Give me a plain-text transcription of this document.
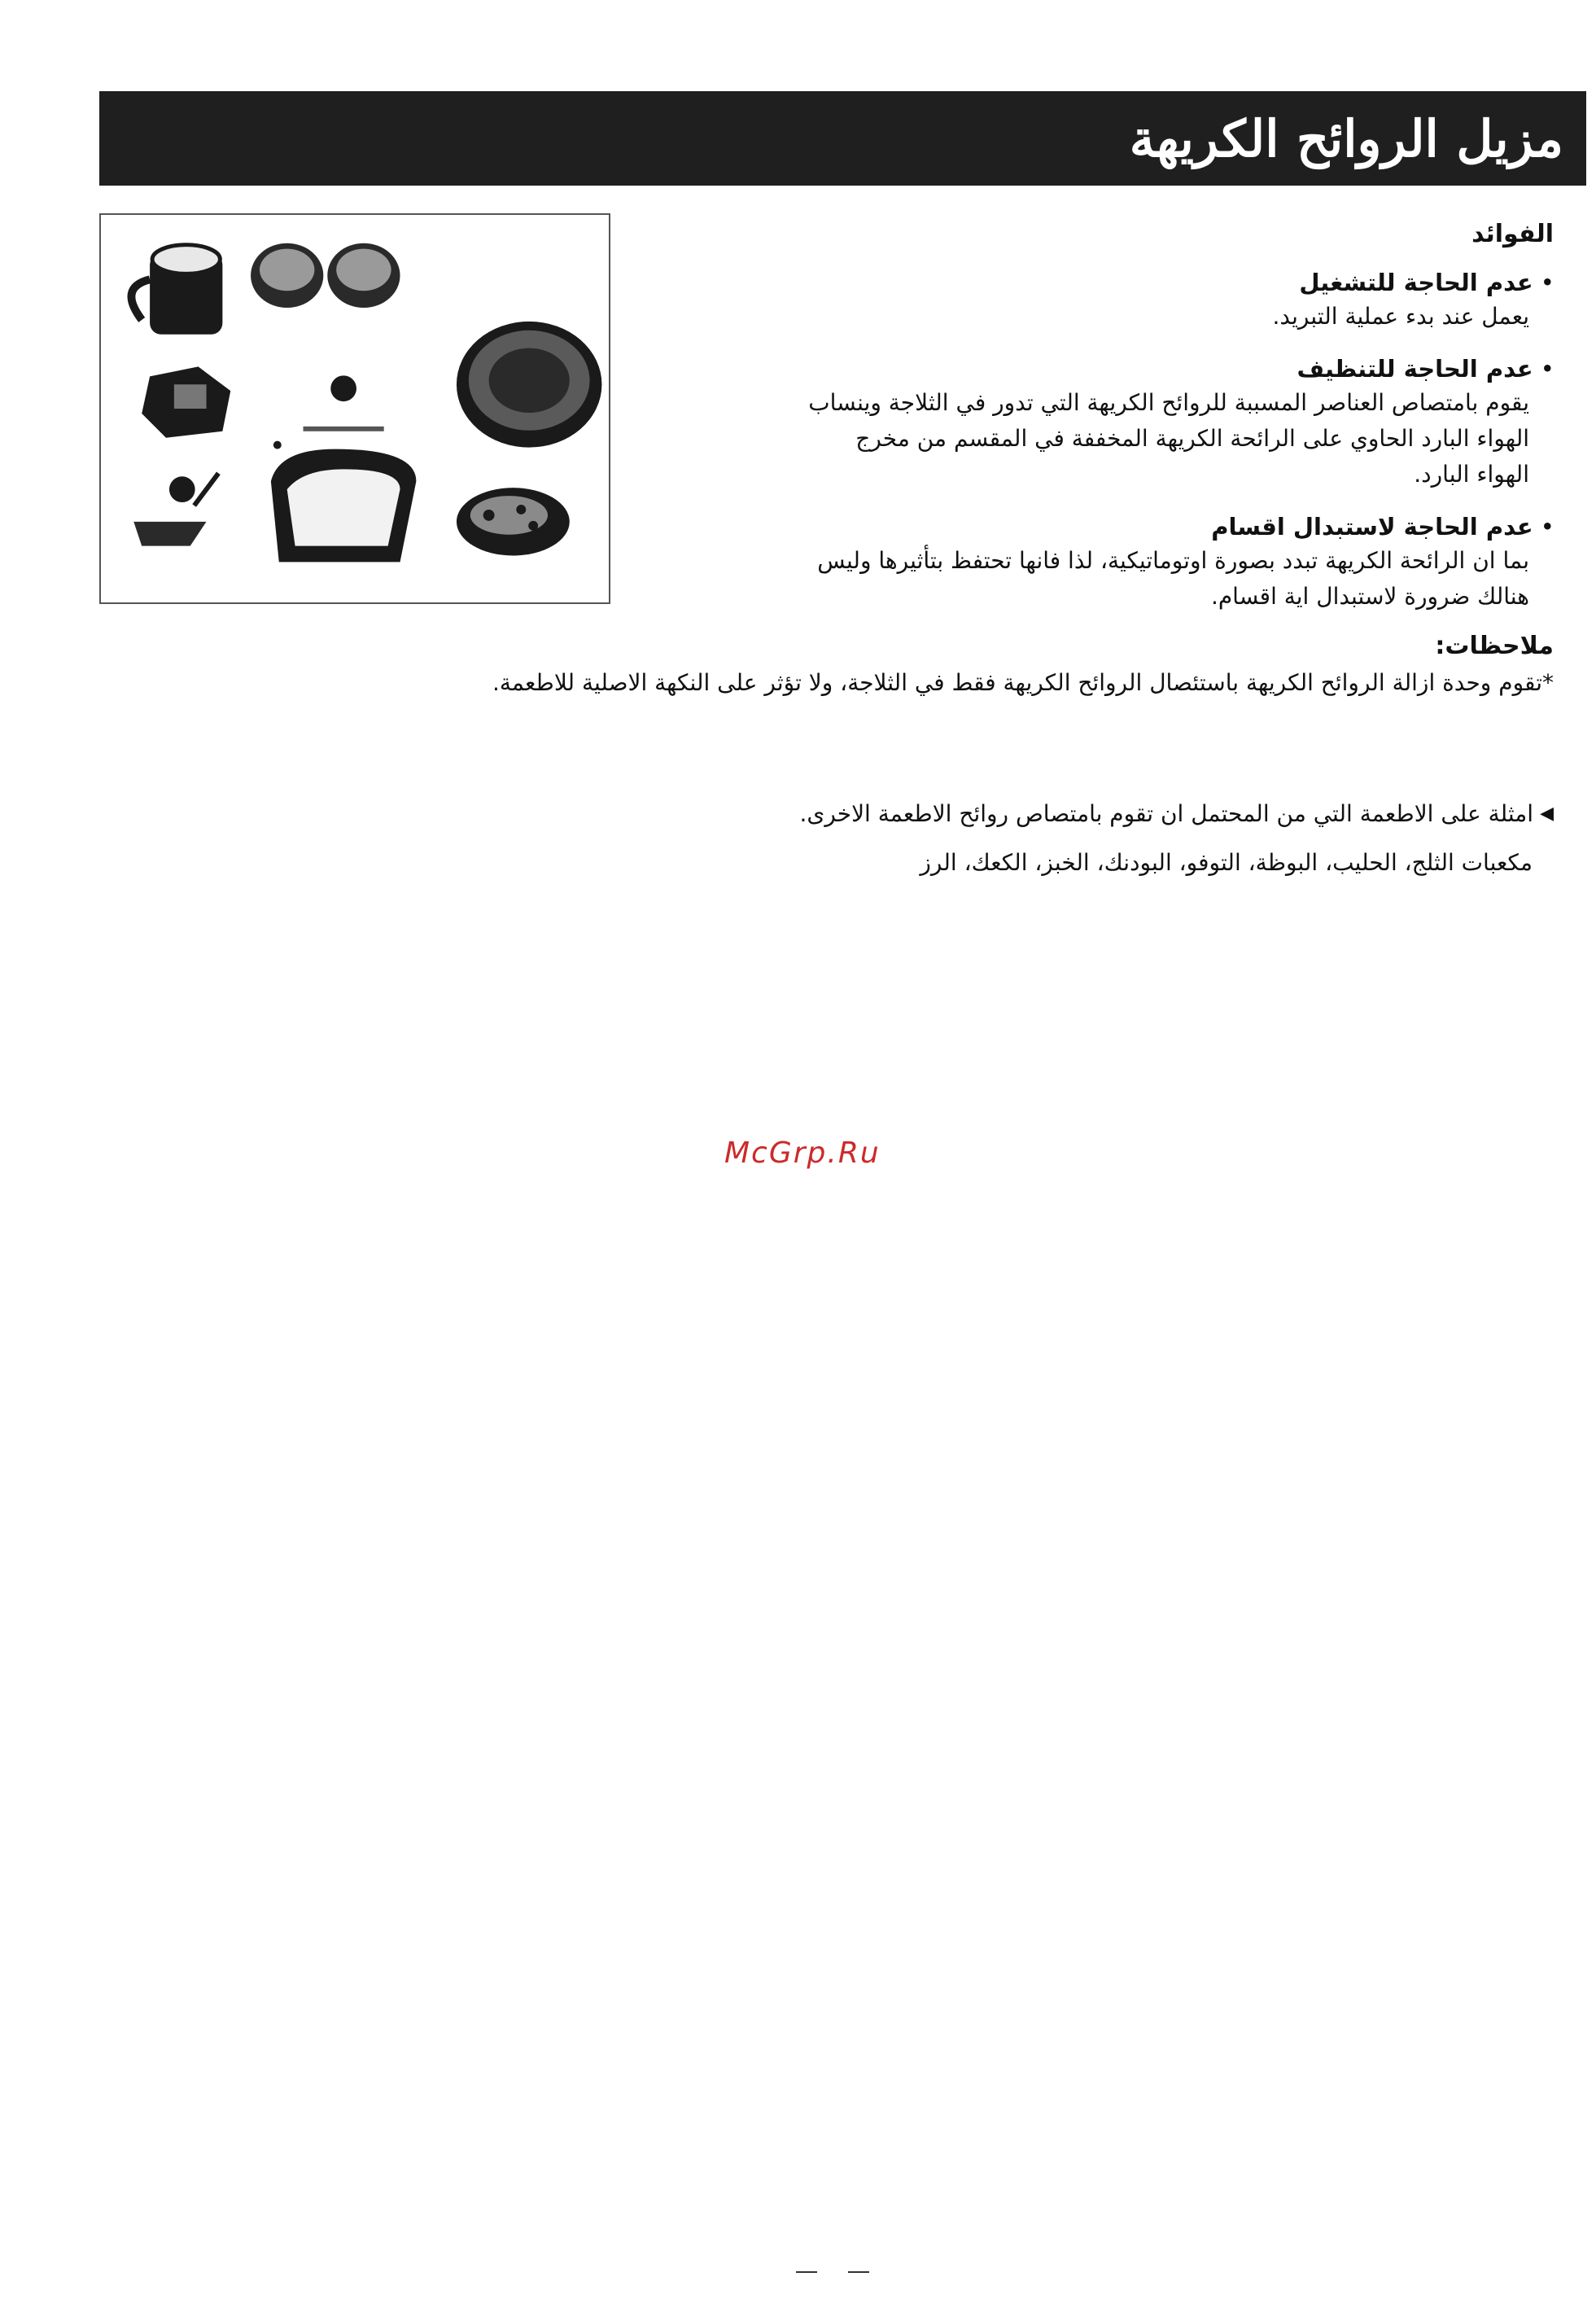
مزيل الروائح الكريهة
الفوائد
•
عدم الحاجة للتشغيل
يعمل عند بدء عملية التبريد.
•
عدم الحاجة للتنظيف
يقوم بامتصاص العناصر المسببة للروائح الكريهة التي تدور في الثلاجة وينساب الهواء البارد الحاوي على الرائحة الكريهة المخففة في المقسم من مخرج الهواء البارد.
•
عدم الحاجة لاستبدال اقسام
بما ان الرائحة الكريهة تبدد بصورة اوتوماتيكية، لذا فانها تحتفظ بتأثيرها وليس هنالك ضرورة لاستبدال اية اقسام.
ملاحظات:
*تقوم وحدة ازالة الروائح الكريهة باستئصال الروائح الكريهة فقط في الثلاجة، ولا تؤثر على النكهة الاصلية للاطعمة.
◀
امثلة على الاطعمة التي من المحتمل ان تقوم بامتصاص روائح الاطعمة الاخرى.
مكعبات الثلج، الحليب، البوظة، التوفو، البودنك، الخبز، الكعك، الرز
McGrp.Ru
